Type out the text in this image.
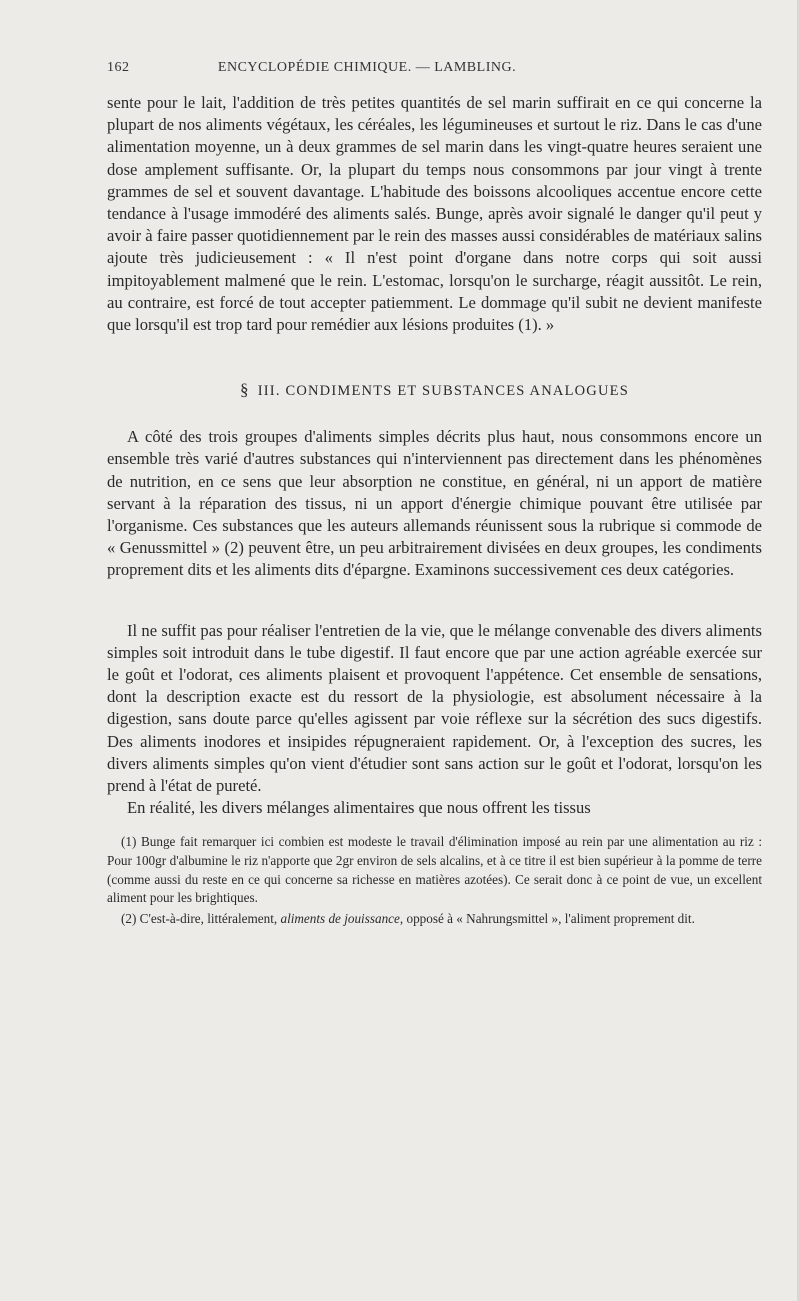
162	ENCYCLOPÉDIE CHIMIQUE. — LAMBLING.

sente pour le lait, l'addition de très petites quantités de sel marin suffirait en ce qui concerne la plupart de nos aliments végétaux, les céréales, les légumineuses et surtout le riz. Dans le cas d'une alimentation moyenne, un à deux grammes de sel marin dans les vingt-quatre heures seraient une dose amplement suffisante. Or, la plupart du temps nous consommons par jour vingt à trente grammes de sel et souvent davantage. L'habitude des boissons alcooliques accentue encore cette tendance à l'usage immodéré des aliments salés. Bunge, après avoir signalé le danger qu'il peut y avoir à faire passer quotidiennement par le rein des masses aussi considérables de matériaux salins ajoute très judicieusement : « Il n'est point d'organe dans notre corps qui soit aussi impitoyablement malmené que le rein. L'estomac, lorsqu'on le surcharge, réagit aussitôt. Le rein, au contraire, est forcé de tout accepter patiemment. Le dommage qu'il subit ne devient manifeste que lorsqu'il est trop tard pour remédier aux lésions produites (1). »

§ III. CONDIMENTS ET SUBSTANCES ANALOGUES

A côté des trois groupes d'aliments simples décrits plus haut, nous consommons encore un ensemble très varié d'autres substances qui n'interviennent pas directement dans les phénomènes de nutrition, en ce sens que leur absorption ne constitue, en général, ni un apport de matière servant à la réparation des tissus, ni un apport d'énergie chimique pouvant être utilisée par l'organisme. Ces substances que les auteurs allemands réunissent sous la rubrique si commode de « Genussmittel » (2) peuvent être, un peu arbitrairement divisées en deux groupes, les condiments proprement dits et les aliments dits d'épargne. Examinons successivement ces deux catégories.

Il ne suffit pas pour réaliser l'entretien de la vie, que le mélange convenable des divers aliments simples soit introduit dans le tube digestif. Il faut encore que par une action agréable exercée sur le goût et l'odorat, ces aliments plaisent et provoquent l'appétence. Cet ensemble de sensations, dont la description exacte est du ressort de la physiologie, est absolument nécessaire à la digestion, sans doute parce qu'elles agissent par voie réflexe sur la sécrétion des sucs digestifs. Des aliments inodores et insipides répugneraient rapidement. Or, à l'exception des sucres, les divers aliments simples qu'on vient d'étudier sont sans action sur le goût et l'odorat, lorsqu'on les prend à l'état de pureté.

En réalité, les divers mélanges alimentaires que nous offrent les tissus

(1) Bunge fait remarquer ici combien est modeste le travail d'élimination imposé au rein par une alimentation au riz : Pour 100gr d'albumine le riz n'apporte que 2gr environ de sels alcalins, et à ce titre il est bien supérieur à la pomme de terre (comme aussi du reste en ce qui concerne sa richesse en matières azotées). Ce serait donc à ce point de vue, un excellent aliment pour les brightiques.

(2) C'est-à-dire, littéralement, aliments de jouissance, opposé à « Nahrungsmittel », l'aliment proprement dit.
